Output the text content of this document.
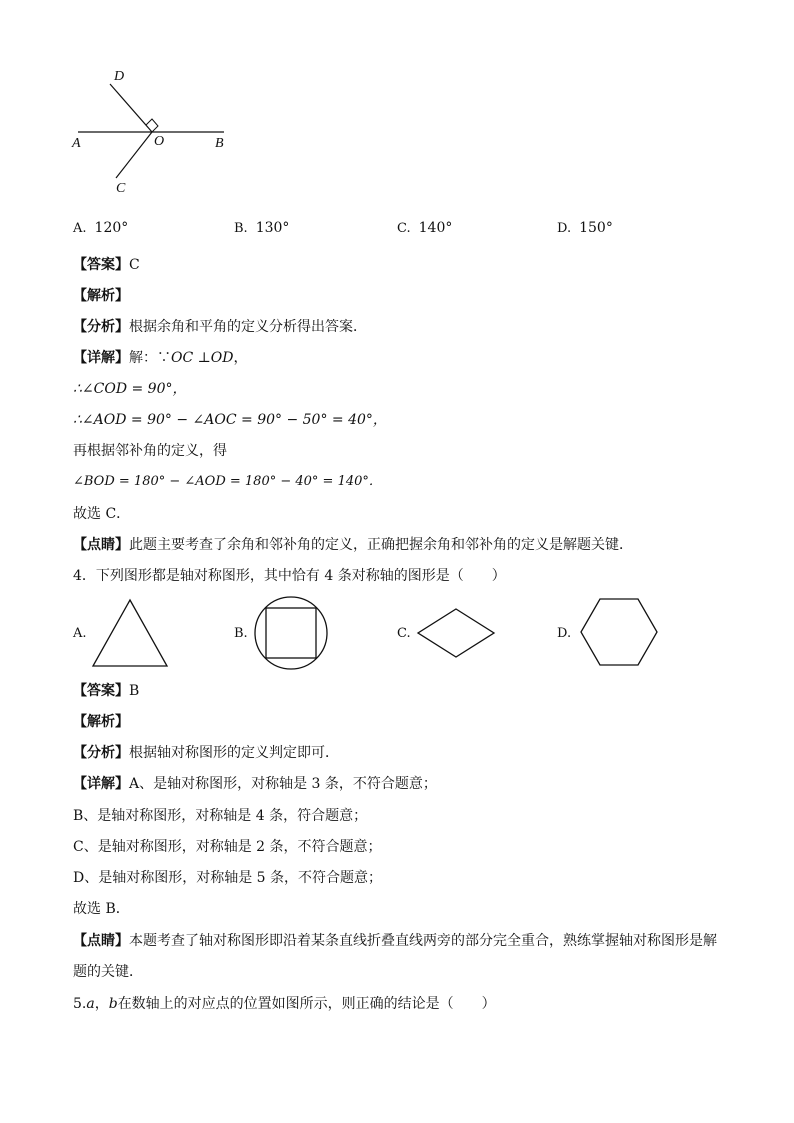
D
A	O	B
C
A. 120°	B. 130°	C. 140°	D. 150°
【答案】C
【解析】
【分析】根据余角和平角的定义分析得出答案．
【详解】解：∵OC ⊥OD，
∴∠COD = 90°，
∴∠AOD = 90° − ∠AOC = 90° − 50° = 40°，
再根据邻补角的定义，得
∠BOD = 180° − ∠AOD = 180° − 40° = 140°．
故选 C．
【点睛】此题主要考查了余角和邻补角的定义，正确把握余角和邻补角的定义是解题关键．
4．下列图形都是轴对称图形，其中恰有 4 条对称轴的图形是（　　）
A.	B.	C.	D.
【答案】B
【解析】
【分析】根据轴对称图形的定义判定即可．
【详解】A、是轴对称图形，对称轴是 3 条，不符合题意；
B、是轴对称图形，对称轴是 4 条，符合题意；
C、是轴对称图形，对称轴是 2 条，不符合题意；
D、是轴对称图形，对称轴是 5 条，不符合题意；
故选 B．
【点睛】本题考查了轴对称图形即沿着某条直线折叠直线两旁的部分完全重合，熟练掌握轴对称图形是解
题的关键．
5.a，b在数轴上的对应点的位置如图所示，则正确的结论是（　　）
